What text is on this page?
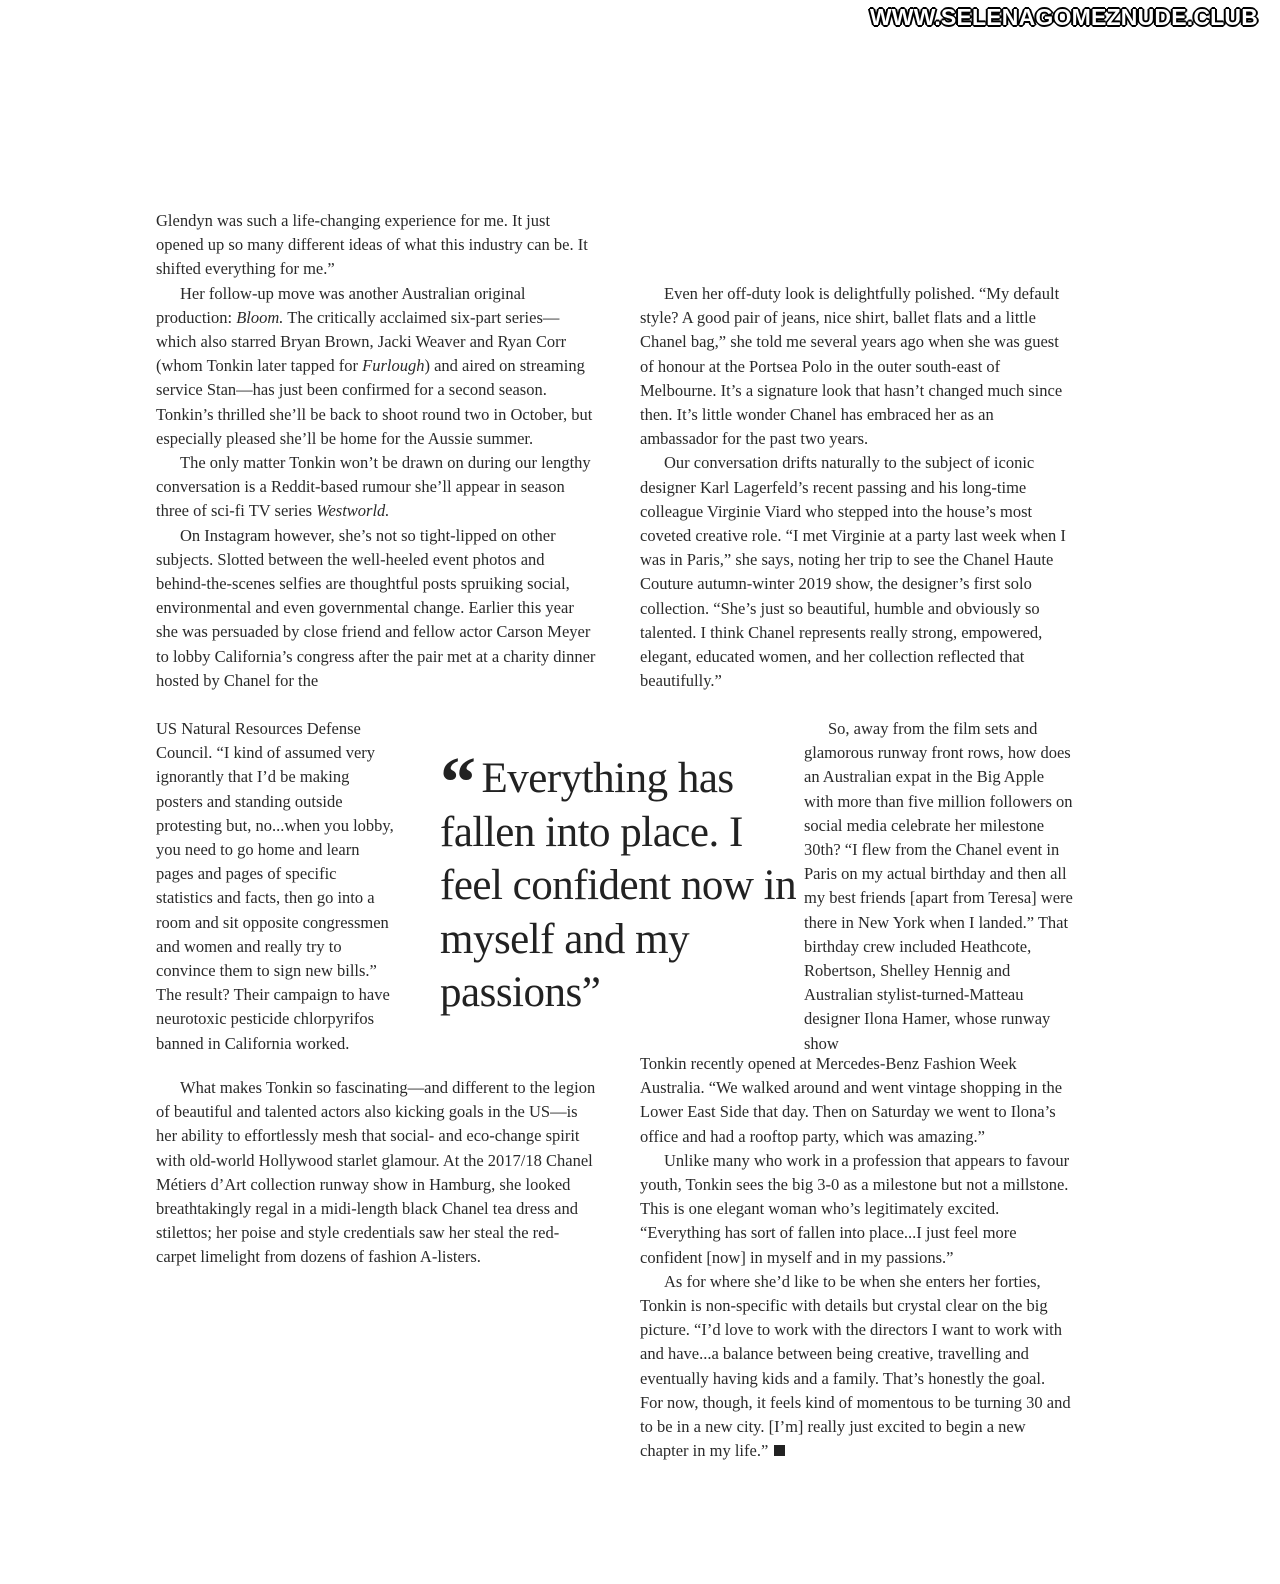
WWW.SELENAGOMEZNUDE.CLUB

Glendyn was such a life-changing experience for me. It just opened up so many different ideas of what this industry can be. It shifted everything for me.”

Her follow-up move was another Australian original production: Bloom. The critically acclaimed six-part series—which also starred Bryan Brown, Jacki Weaver and Ryan Corr (whom Tonkin later tapped for Furlough) and aired on streaming service Stan—has just been confirmed for a second season. Tonkin’s thrilled she’ll be back to shoot round two in October, but especially pleased she’ll be home for the Aussie summer.

The only matter Tonkin won’t be drawn on during our lengthy conversation is a Reddit-based rumour she’ll appear in season three of sci-fi TV series Westworld.

On Instagram however, she’s not so tight-lipped on other subjects. Slotted between the well-heeled event photos and behind-the-scenes selfies are thoughtful posts spruiking social, environmental and even governmental change. Earlier this year she was persuaded by close friend and fellow actor Carson Meyer to lobby California’s congress after the pair met at a charity dinner hosted by Chanel for the

US Natural Resources Defense Council. “I kind of assumed very ignorantly that I’d be making posters and standing outside protesting but, no...when you lobby, you need to go home and learn pages and pages of specific statistics and facts, then go into a room and sit opposite congressmen and women and really try to convince them to sign new bills.” The result? Their campaign to have neurotoxic pesticide chlorpyrifos banned in California worked.

What makes Tonkin so fascinating—and different to the legion of beautiful and talented actors also kicking goals in the US—is her ability to effortlessly mesh that social- and eco-change spirit with old-world Hollywood starlet glamour. At the 2017/18 Chanel Métiers d’Art collection runway show in Hamburg, she looked breathtakingly regal in a midi-length black Chanel tea dress and stilettos; her poise and style credentials saw her steal the red-carpet limelight from dozens of fashion A-listers.

“ Everything has fallen into place. I feel confident now in myself and my passions”

Even her off-duty look is delightfully polished. “My default style? A good pair of jeans, nice shirt, ballet flats and a little Chanel bag,” she told me several years ago when she was guest of honour at the Portsea Polo in the outer south-east of Melbourne. It’s a signature look that hasn’t changed much since then. It’s little wonder Chanel has embraced her as an ambassador for the past two years.

Our conversation drifts naturally to the subject of iconic designer Karl Lagerfeld’s recent passing and his long-time colleague Virginie Viard who stepped into the house’s most coveted creative role. “I met Virginie at a party last week when I was in Paris,” she says, noting her trip to see the Chanel Haute Couture autumn-winter 2019 show, the designer’s first solo collection. “She’s just so beautiful, humble and obviously so talented. I think Chanel represents really strong, empowered, elegant, educated women, and her collection reflected that beautifully.”

So, away from the film sets and glamorous runway front rows, how does an Australian expat in the Big Apple with more than five million followers on social media celebrate her milestone 30th? “I flew from the Chanel event in Paris on my actual birthday and then all my best friends [apart from Teresa] were there in New York when I landed.” That birthday crew included Heathcote, Robertson, Shelley Hennig and Australian stylist-turned-Matteau designer Ilona Hamer, whose runway show

Tonkin recently opened at Mercedes-Benz Fashion Week Australia. “We walked around and went vintage shopping in the Lower East Side that day. Then on Saturday we went to Ilona’s office and had a rooftop party, which was amazing.”

Unlike many who work in a profession that appears to favour youth, Tonkin sees the big 3-0 as a milestone but not a millstone. This is one elegant woman who’s legitimately excited. “Everything has sort of fallen into place...I just feel more confident [now] in myself and in my passions.”

As for where she’d like to be when she enters her forties, Tonkin is non-specific with details but crystal clear on the big picture. “I’d love to work with the directors I want to work with and have...a balance between being creative, travelling and eventually having kids and a family. That’s honestly the goal. For now, though, it feels kind of momentous to be turning 30 and to be in a new city. [I’m] really just excited to begin a new chapter in my life.”
